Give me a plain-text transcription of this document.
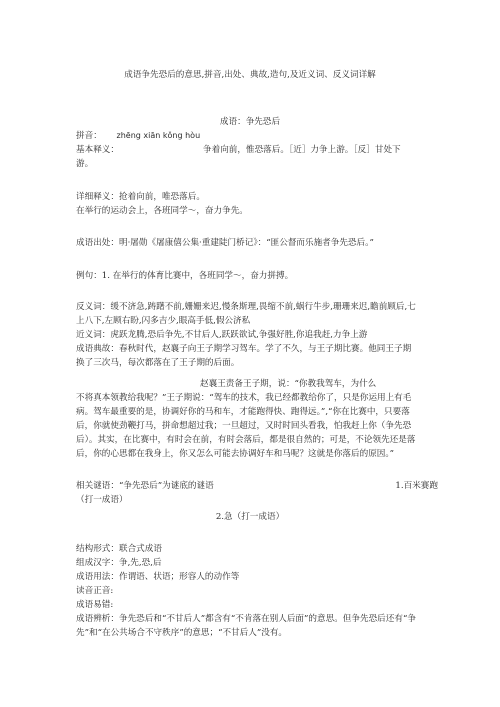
成语争先恐后的意思,拼音,出处、典故,造句,及近义词、反义词详解
成语：争先恐后
拼音： zhēng xiān kǒng hòu
基本释义：	争着向前，惟恐落后。［近］力争上游。［反］甘处下
游。
详细释义：抢着向前，唯恐落后。
在举行的运动会上，各班同学～，奋力争先。
成语出处：明·屠勋《屠康僖公集·重建陡门桥记》：“匪公督而乐施者争先恐后。”
例句：1. 在举行的体育比赛中，各班同学～，奋力拼搏。
反义词：缓不济急,踌躇不前,姗姗来迟,慢条斯理,畏缩不前,蜗行牛步,珊珊来迟,瞻前顾后,七
上八下,左顾右盼,闪多吉少,眼高手低,假公济私
近义词：虎跃龙腾,恐后争先,不甘后人,跃跃欲试,争强好胜,你追我赶,力争上游
成语典故：春秋时代，赵襄子向王子期学习驾车。学了不久，与王子期比赛。他同王子期
换了三次马，每次都落在了王子期的后面。
赵襄王责备王子期，说：“你教我驾车，为什么
不将真本领教给我呢？”王子期说：“驾车的技术，我已经都教给你了，只是你运用上有毛
病。驾车最重要的是，协调好你的马和车，才能跑得快、跑得远。”,“你在比赛中，只要落
后，你就使劲鞭打马，拼命想超过我；一旦超过，又时时回头看我，怕我赶上你（争先恐
后）。其实，在比赛中，有时会在前，有时会落后，都是很自然的；可是，不论领先还是落
后，你的心思都在我身上，你又怎么可能去协调好车和马呢？这就是你落后的原因。”
相关谜语：“争先恐后”为谜底的谜语	1.百米赛跑
（打一成语）
2.急（打一成语）
结构形式：联合式成语
组成汉字：争,先,恐,后
成语用法：作谓语、状语；形容人的动作等
读音正音:
成语易错:
成语辨析：争先恐后和“不甘后人”都含有“不肯落在别人后面”的意思。但争先恐后还有“争
先”和“在公共场合不守秩序”的意思；“不甘后人”没有。
